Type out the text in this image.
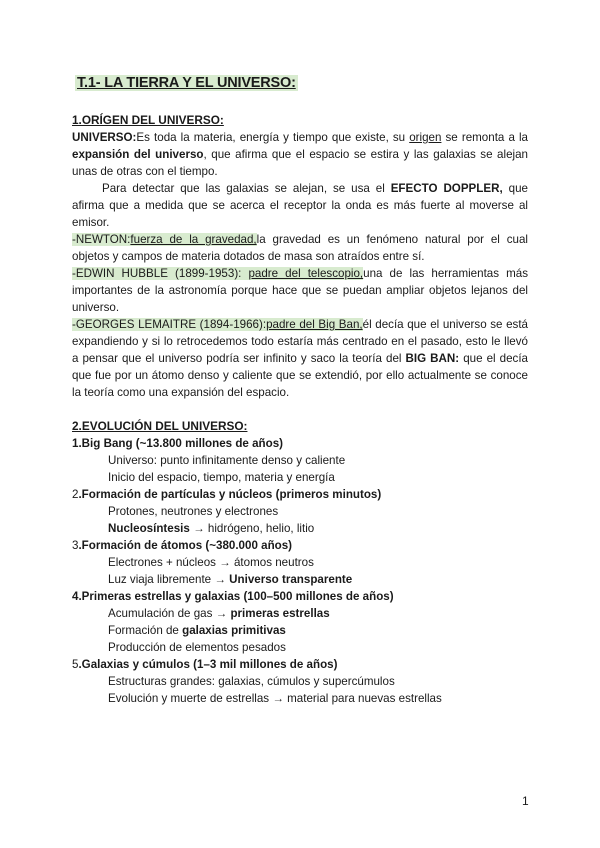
T.1- LA TIERRA Y EL UNIVERSO:
1.ORÍGEN DEL UNIVERSO:
UNIVERSO:Es toda la materia, energía y tiempo que existe, su origen se remonta a la expansión del universo, que afirma que el espacio se estira y las galaxias se alejan unas de otras con el tiempo.
Para detectar que las galaxias se alejan, se usa el EFECTO DOPPLER, que afirma que a medida que se acerca el receptor la onda es más fuerte al moverse al emisor.
-NEWTON:fuerza de la gravedad,la gravedad es un fenómeno natural por el cual objetos y campos de materia dotados de masa son atraídos entre sí.
-EDWIN HUBBLE (1899-1953): padre del telescopio,una de las herramientas más importantes de la astronomía porque hace que se puedan ampliar objetos lejanos del universo.
-GEORGES LEMAITRE (1894-1966):padre del Big Ban,él decía que el universo se está expandiendo y si lo retrocedemos todo estaría más centrado en el pasado, esto le llevó a pensar que el universo podría ser infinito y saco la teoría del BIG BAN: que el decía que fue por un átomo denso y caliente que se extendió, por ello actualmente se conoce la teoría como una expansión del espacio.
2.EVOLUCIÓN DEL UNIVERSO:
1.Big Bang (~13.800 millones de años)
Universo: punto infinitamente denso y caliente
Inicio del espacio, tiempo, materia y energía
2.Formación de partículas y núcleos (primeros minutos)
Protones, neutrones y electrones
Nucleosíntesis → hidrógeno, helio, litio
3.Formación de átomos (~380.000 años)
Electrones + núcleos → átomos neutros
Luz viaja libremente → Universo transparente
4.Primeras estrellas y galaxias (100–500 millones de años)
Acumulación de gas → primeras estrellas
Formación de galaxias primitivas
Producción de elementos pesados
5.Galaxias y cúmulos (1–3 mil millones de años)
Estructuras grandes: galaxias, cúmulos y supercúmulos
Evolución y muerte de estrellas → material para nuevas estrellas
1
